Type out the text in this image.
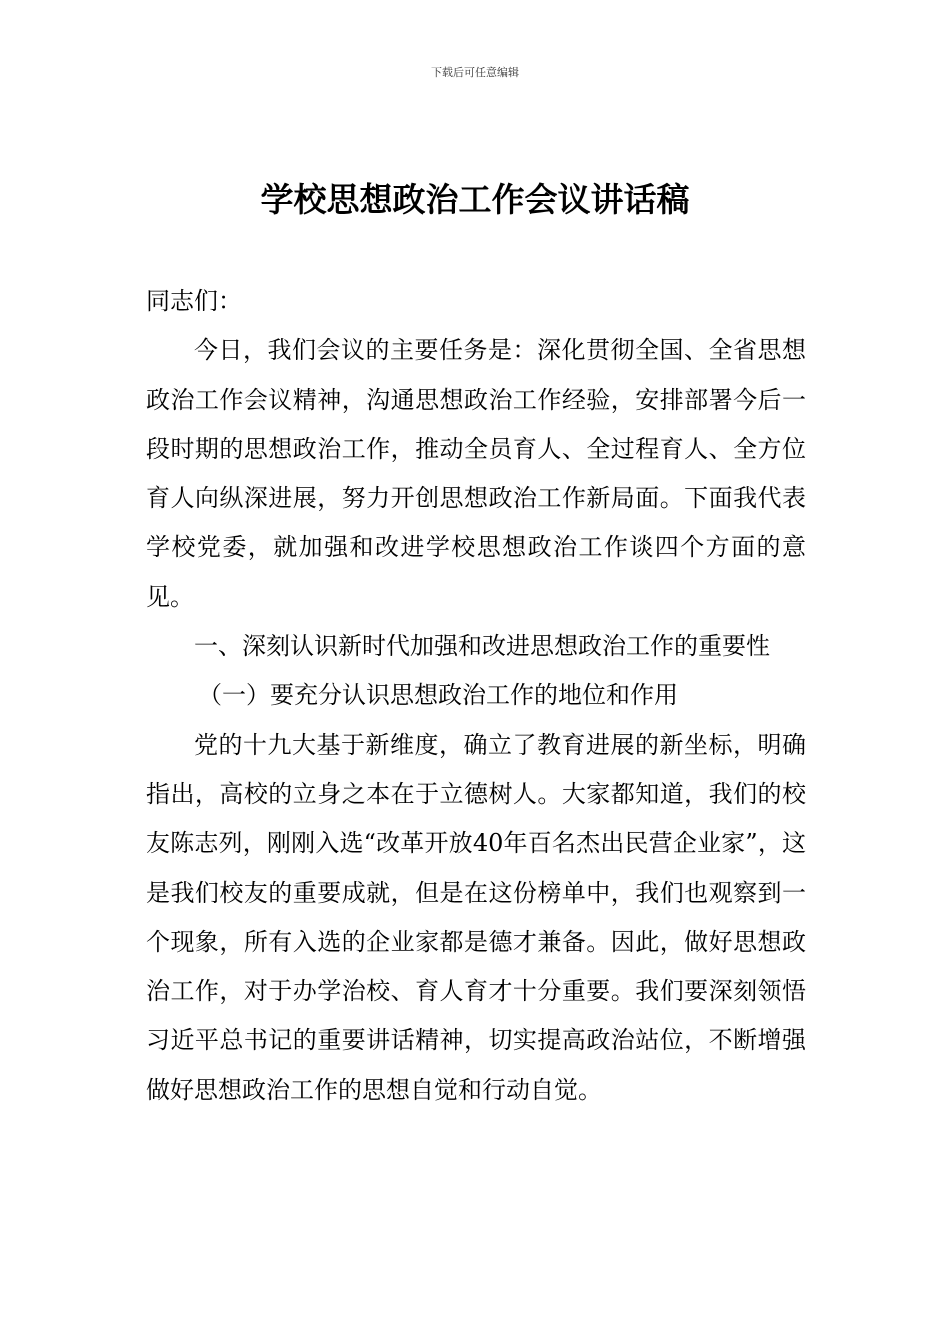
下载后可任意编辑
学校思想政治工作会议讲话稿

同志们：

今日，我们会议的主要任务是：深化贯彻全国、全省思想政治工作会议精神，沟通思想政治工作经验，安排部署今后一段时期的思想政治工作，推动全员育人、全过程育人、全方位育人向纵深进展，努力开创思想政治工作新局面。下面我代表学校党委，就加强和改进学校思想政治工作谈四个方面的意见。

一、深刻认识新时代加强和改进思想政治工作的重要性

（一）要充分认识思想政治工作的地位和作用

党的十九大基于新维度，确立了教育进展的新坐标，明确指出，高校的立身之本在于立德树人。大家都知道，我们的校友陈志列，刚刚入选“改革开放40年百名杰出民营企业家”，这是我们校友的重要成就，但是在这份榜单中，我们也观察到一个现象，所有入选的企业家都是德才兼备。因此，做好思想政治工作，对于办学治校、育人育才十分重要。我们要深刻领悟习近平总书记的重要讲话精神，切实提高政治站位，不断增强做好思想政治工作的思想自觉和行动自觉。
